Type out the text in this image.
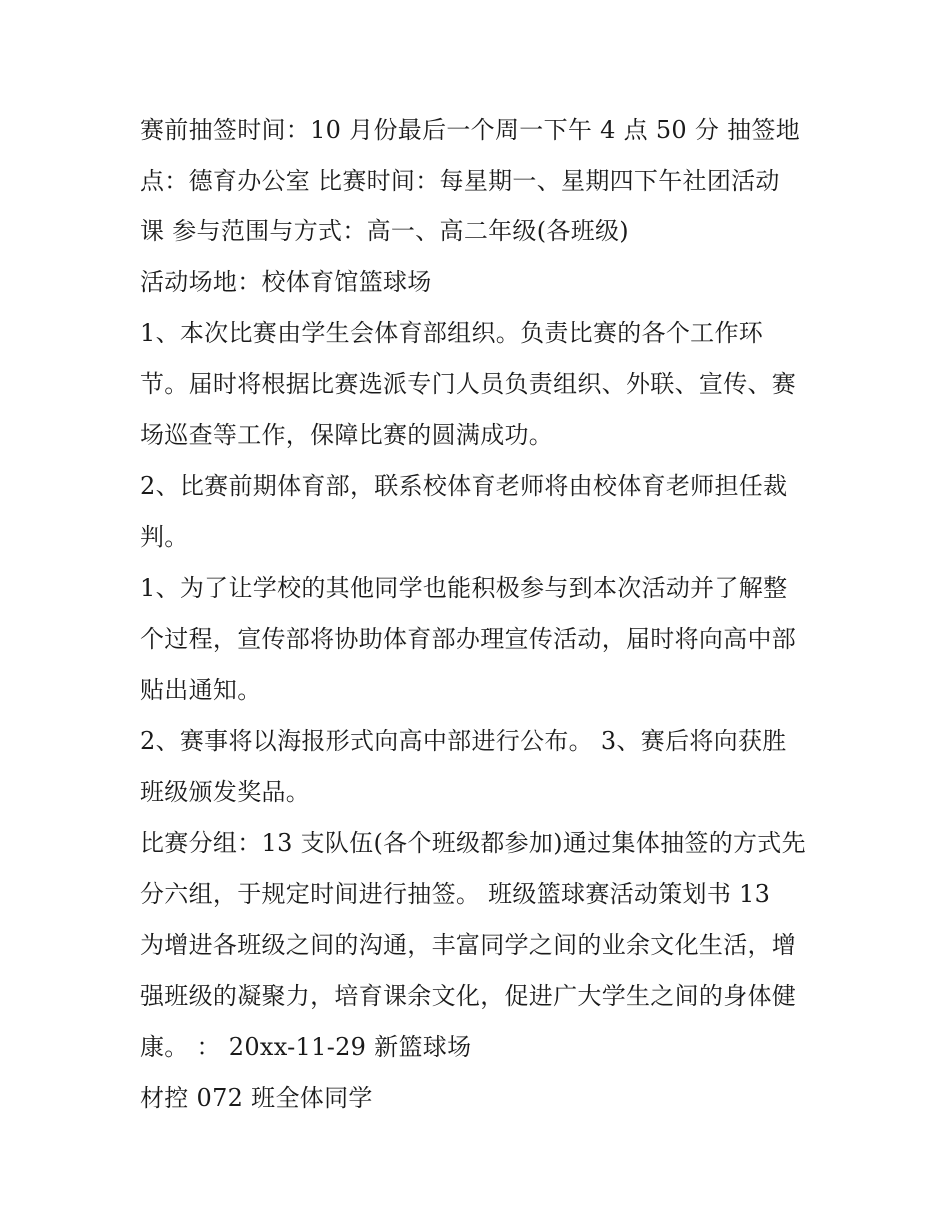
赛前抽签时间：10 月份最后一个周一下午 4 点 50 分 抽签地
点：德育办公室 比赛时间：每星期一、星期四下午社团活动
课 参与范围与方式：高一、高二年级(各班级)
活动场地：校体育馆篮球场
1、本次比赛由学生会体育部组织。负责比赛的各个工作环
节。届时将根据比赛选派专门人员负责组织、外联、宣传、赛
场巡查等工作，保障比赛的圆满成功。
2、比赛前期体育部，联系校体育老师将由校体育老师担任裁
判。
1、为了让学校的其他同学也能积极参与到本次活动并了解整
个过程，宣传部将协助体育部办理宣传活动，届时将向高中部
贴出通知。
2、赛事将以海报形式向高中部进行公布。 3、赛后将向获胜
班级颁发奖品。
比赛分组：13 支队伍(各个班级都参加)通过集体抽签的方式先
分六组，于规定时间进行抽签。 班级篮球赛活动策划书 13
为增进各班级之间的沟通，丰富同学之间的业余文化生活，增
强班级的凝聚力，培育课余文化，促进广大学生之间的身体健
康。 ： 20xx-11-29 新篮球场
材控 072 班全体同学
